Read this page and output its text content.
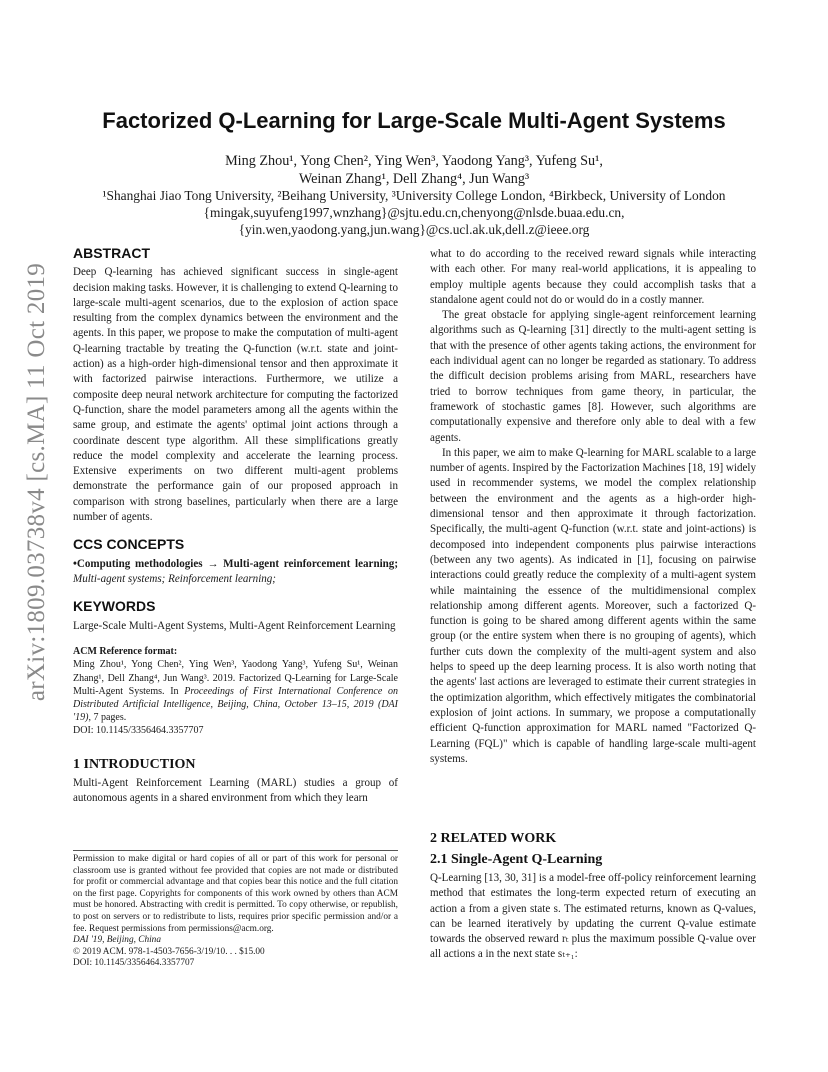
arXiv:1809.03738v4 [cs.MA] 11 Oct 2019
Factorized Q-Learning for Large-Scale Multi-Agent Systems
Ming Zhou¹, Yong Chen², Ying Wen³, Yaodong Yang³, Yufeng Su¹,
Weinan Zhang¹, Dell Zhang⁴, Jun Wang³
¹Shanghai Jiao Tong University, ²Beihang University, ³University College London, ⁴Birkbeck, University of London
{mingak,suyufeng1997,wnzhang}@sjtu.edu.cn,chenyong@nlsde.buaa.edu.cn,{yin.wen,yaodong.yang,jun.wang}@cs.ucl.ak.uk,dell.z@ieee.org
ABSTRACT

Deep Q-learning has achieved significant success in single-agent decision making tasks. However, it is challenging to extend Q-learning to large-scale multi-agent scenarios, due to the explosion of action space resulting from the complex dynamics between the environment and the agents. In this paper, we propose to make the computation of multi-agent Q-learning tractable by treating the Q-function (w.r.t. state and joint-action) as a high-order high-dimensional tensor and then approximate it with factorized pairwise interactions. Furthermore, we utilize a composite deep neural network architecture for computing the factorized Q-function, share the model parameters among all the agents within the same group, and estimate the agents' optimal joint actions through a coordinate descent type algorithm. All these simplifications greatly reduce the model complexity and accelerate the learning process. Extensive experiments on two different multi-agent problems demonstrate the performance gain of our proposed approach in comparison with strong baselines, particularly when there are a large number of agents.

CCS CONCEPTS

•Computing methodologies → Multi-agent reinforcement learning; Multi-agent systems; Reinforcement learning;

KEYWORDS

Large-Scale Multi-Agent Systems, Multi-Agent Reinforcement Learning

ACM Reference format:

Ming Zhou¹, Yong Chen², Ying Wen³, Yaodong Yang³, Yufeng Su¹, Weinan Zhang¹, Dell Zhang⁴, Jun Wang³. 2019. Factorized Q-Learning for Large-Scale Multi-Agent Systems. In Proceedings of First International Conference on Distributed Artificial Intelligence, Beijing, China, October 13–15, 2019 (DAI '19), 7 pages.

DOI: 10.1145/3356464.3357707

1 INTRODUCTION

Multi-Agent Reinforcement Learning (MARL) studies a group of autonomous agents in a shared environment from which they learn

Permission to make digital or hard copies of all or part of this work for personal or classroom use is granted without fee provided that copies are not made or distributed for profit or commercial advantage and that copies bear this notice and the full citation on the first page. Copyrights for components of this work owned by others than ACM must be honored. Abstracting with credit is permitted. To copy otherwise, or republish, to post on servers or to redistribute to lists, requires prior specific permission and/or a fee. Request permissions from permissions@acm.org.

DAI '19, Beijing, China

© 2019 ACM. 978-1-4503-7656-3/19/10. . . $15.00

DOI: 10.1145/3356464.3357707

what to do according to the received reward signals while interacting with each other. For many real-world applications, it is appealing to employ multiple agents because they could accomplish tasks that a standalone agent could not do or would do in a costly manner.

The great obstacle for applying single-agent reinforcement learning algorithms such as Q-learning [31] directly to the multi-agent setting is that with the presence of other agents taking actions, the environment for each individual agent can no longer be regarded as stationary. To address the difficult decision problems arising from MARL, researchers have tried to borrow techniques from game theory, in particular, the framework of stochastic games [8]. However, such algorithms are computationally expensive and therefore only able to deal with a few agents.

In this paper, we aim to make Q-learning for MARL scalable to a large number of agents. Inspired by the Factorization Machines [18, 19] widely used in recommender systems, we model the complex relationship between the environment and the agents as a high-order high-dimensional tensor and then approximate it through factorization. Specifically, the multi-agent Q-function (w.r.t. state and joint-actions) is decomposed into independent components plus pairwise interactions (between any two agents). As indicated in [1], focusing on pairwise interactions could greatly reduce the complexity of a multi-agent system while maintaining the essence of the multidimensional complex relationship among different agents. Moreover, such a factorized Q-function is going to be shared among different agents within the same group (or the entire system when there is no grouping of agents), which further cuts down the complexity of the multi-agent system and also helps to speed up the deep learning process. It is also worth noting that the agents' last actions are leveraged to estimate their current strategies in the optimization algorithm, which effectively mitigates the combinatorial explosion of joint actions. In summary, we propose a computationally efficient Q-function approximation for MARL named "Factorized Q-Learning (FQL)" which is capable of handling large-scale multi-agent systems.

2 RELATED WORK
2.1 Single-Agent Q-Learning

Q-Learning [13, 30, 31] is a model-free off-policy reinforcement learning method that estimates the long-term expected return of executing an action a from a given state s. The estimated returns, known as Q-values, can be learned iteratively by updating the current Q-value estimate towards the observed reward rₜ plus the maximum possible Q-value over all actions a in the next state sₜ₊₁:
